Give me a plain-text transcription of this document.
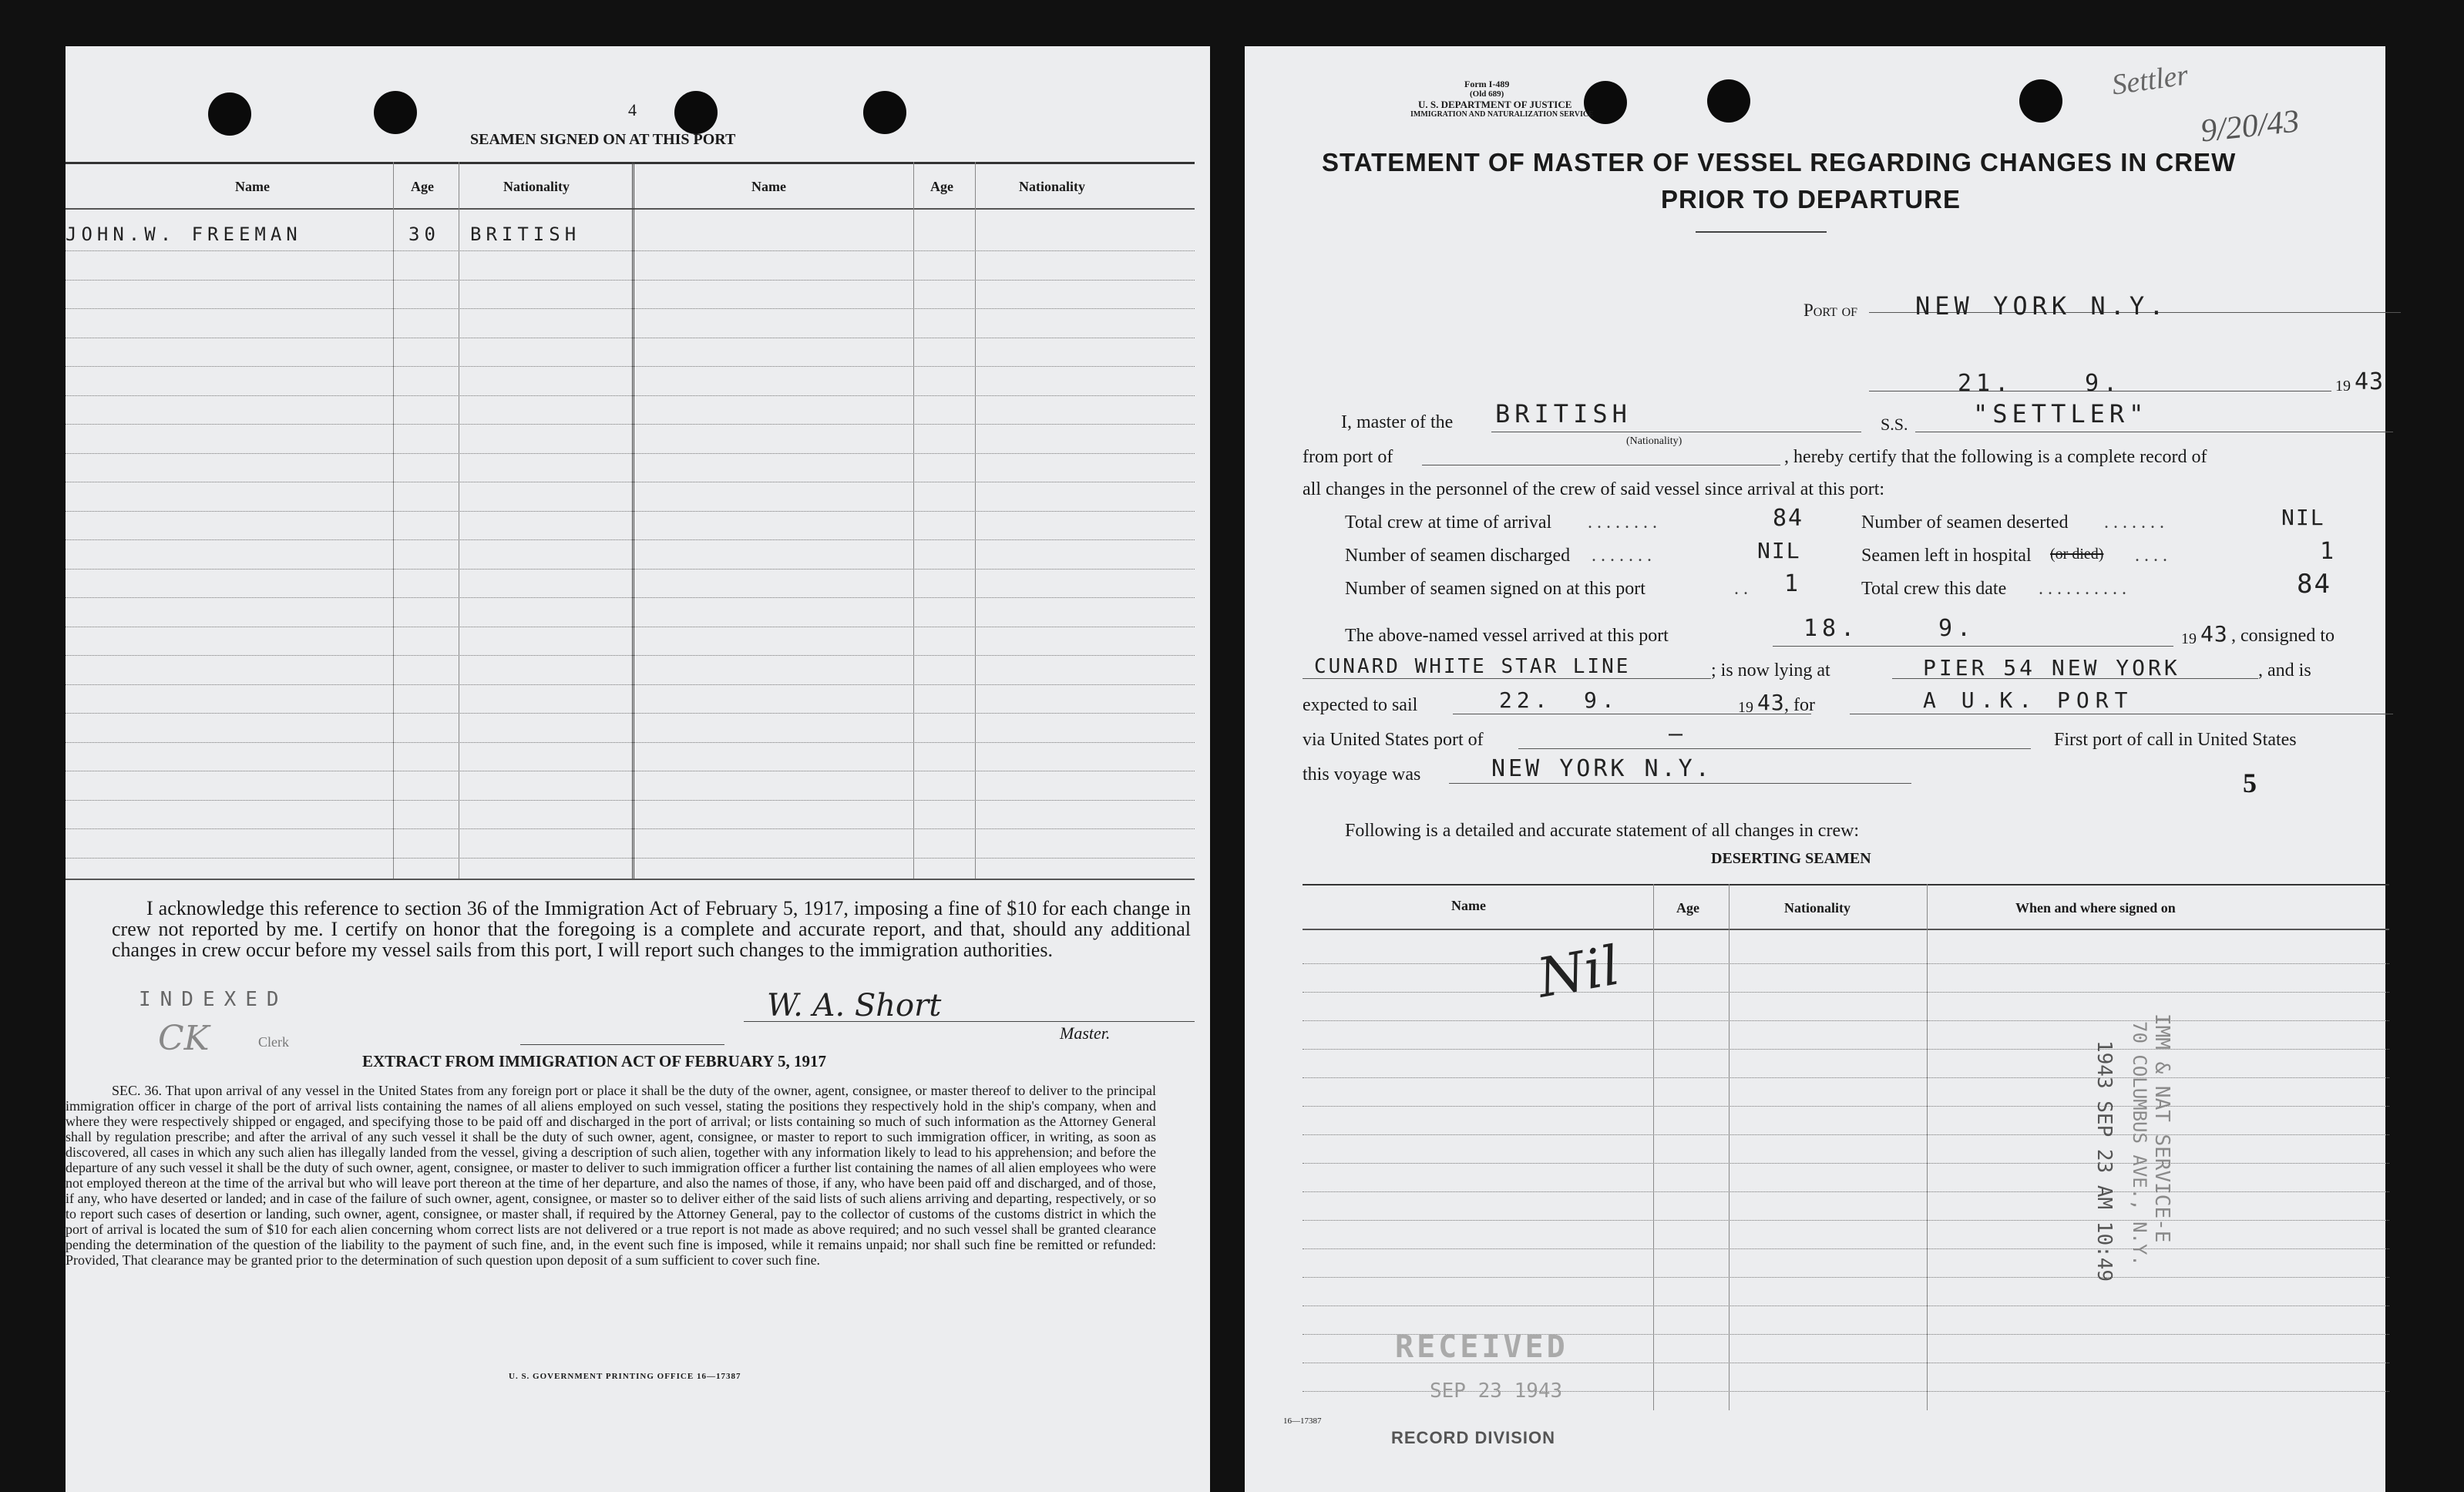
4
SEAMEN SIGNED ON AT THIS PORT
Name	Age	Nationality	Name	Age	Nationality
JOHN.W. FREEMAN	30 BRITISH
I acknowledge this reference to section 36 of the Immigration Act of February 5, 1917, imposing a fine of $10 for each change in crew not reported by me. I certify on honor that the foregoing is a complete and accurate report, and that, should any additional changes in crew occur before my vessel sails from this port, I will report such changes to the immigration authorities.
INDEXED
CK	Clerk
W. A. Short
Master.
EXTRACT FROM IMMIGRATION ACT OF FEBRUARY 5, 1917
SEC. 36. That upon arrival of any vessel in the United States from any foreign port or place it shall be the duty of the owner, agent, consignee, or master thereof to deliver to the principal immigration officer in charge of the port of arrival lists containing the names of all aliens employed on such vessel, stating the positions they respectively hold in the ship's company, when and where they were respectively shipped or engaged, and specifying those to be paid off and discharged in the port of arrival; or lists containing so much of such information as the Attorney General shall by regulation prescribe; and after the arrival of any such vessel it shall be the duty of such owner, agent, consignee, or master to report to such immigration officer, in writing, as soon as discovered, all cases in which any such alien has illegally landed from the vessel, giving a description of such alien, together with any information likely to lead to his apprehension; and before the departure of any such vessel it shall be the duty of such owner, agent, consignee, or master to deliver to such immigration officer a further list containing the names of all alien employees who were not employed thereon at the time of the arrival but who will leave port thereon at the time of her departure, and also the names of those, if any, who have been paid off and discharged, and of those, if any, who have deserted or landed; and in case of the failure of such owner, agent, consignee, or master so to deliver either of the said lists of such aliens arriving and departing, respectively, or so to report such cases of desertion or landing, such owner, agent, consignee, or master shall, if required by the Attorney General, pay to the collector of customs of the customs district in which the port of arrival is located the sum of $10 for each alien concerning whom correct lists are not delivered or a true report is not made as above required; and no such vessel shall be granted clearance pending the determination of the question of the liability to the payment of such fine, and, in the event such fine is imposed, while it remains unpaid; nor shall such fine be remitted or refunded: Provided, That clearance may be granted prior to the determination of such question upon deposit of a sum sufficient to cover such fine.
U. S. GOVERNMENT PRINTING OFFICE 16—17387
Form I-489
(Old 689)
U. S. DEPARTMENT OF JUSTICE
IMMIGRATION AND NATURALIZATION SERVICE
Settler
9/20/43
STATEMENT OF MASTER OF VESSEL REGARDING CHANGES IN CREW
PRIOR TO DEPARTURE
Port of NEW YORK N.Y.
21.	9.	19 43
I, master of the BRITISH
(Nationality)
S.S.	"SETTLER"
from port of	, hereby certify that the following is a complete record of
all changes in the personnel of the crew of said vessel since arrival at this port:
Total crew at time of arrival ........	84
Number of seamen discharged .......	NIL
Number of seamen signed on at this port	.. 1
Number of seamen deserted .......	NIL
Seamen left in hospital (or died) ....	1
Total crew this date ..........	84
The above-named vessel arrived at this port	18.	9.	19 43 , consigned to
CUNARD WHITE STAR LINE	; is now lying at	PIER 54 NEW YORK	, and is
expected to sail	22. 9.	19 43 , for	A U.K. PORT
via United States port of	—	First port of call in United States
this voyage was	NEW YORK N.Y.	5
Following is a detailed and accurate statement of all changes in crew:
DESERTING SEAMEN
Name	Age	Nationality	When and where signed on
Nil
IMM & NAT SERVICE-E
70 COLUMBUS AVE., N.Y.
1943 SEP 23 AM 10:49
RECEIVED
SEP 23 1943
16—17387
RECORD DIVISION
